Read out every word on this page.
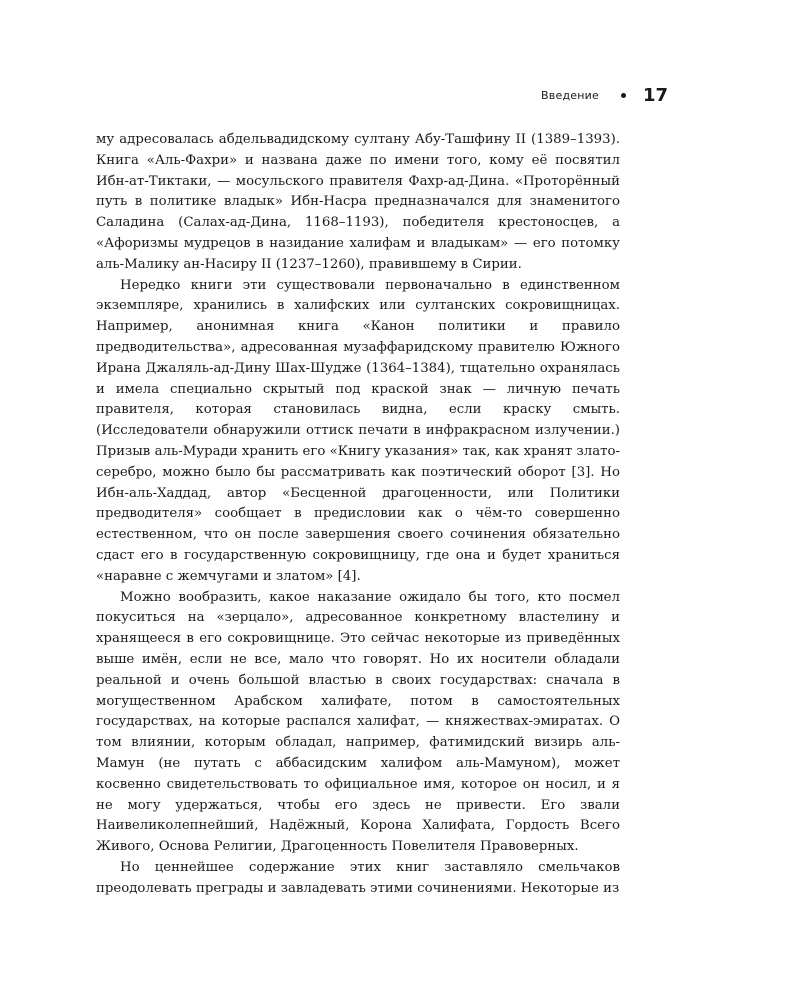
Введение 17

му адресовалась абдельвадидскому султану Абу-Ташфину II (1389–1393). Книга «Аль-Фахри» и названа даже по имени того, кому её посвятил Ибн-ат-Тиктаки, — мосульского правителя Фахр-ад-Дина. «Проторённый путь в политике владык» Ибн-Насра предназначался для знаменитого Саладина (Салах-ад-Дина, 1168–1193), победителя крестоносцев, а «Афоризмы мудрецов в назидание халифам и владыкам» — его потомку аль-Малику ан-Насиру II (1237–1260), правившему в Сирии.

Нередко книги эти существовали первоначально в единственном экземпляре, хранились в халифских или султанских сокровищницах. Например, анонимная книга «Канон политики и правило предводительства», адресованная музаффаридскому правителю Южного Ирана Джаляль-ад-Дину Шах-Шудже (1364–1384), тщательно охранялась и имела специально скрытый под краской знак — личную печать правителя, которая становилась видна, если краску смыть. (Исследователи обнаружили оттиск печати в инфракрасном излучении.) Призыв аль-Муради хранить его «Книгу указания» так, как хранят злато-серебро, можно было бы рассматривать как поэтический оборот [3]. Но Ибн-аль-Хаддад, автор «Бесценной драгоценности, или Политики предводителя» сообщает в предисловии как о чём-то совершенно естественном, что он после завершения своего сочинения обязательно сдаст его в государственную сокровищницу, где она и будет храниться «наравне с жемчугами и златом» [4].

Можно вообразить, какое наказание ожидало бы того, кто посмел покуситься на «зерцало», адресованное конкретному властелину и хранящееся в его сокровищнице. Это сейчас некоторые из приведённых выше имён, если не все, мало что говорят. Но их носители обладали реальной и очень большой властью в своих государствах: сначала в могущественном Арабском халифате, потом в самостоятельных государствах, на которые распался халифат, — княжествах-эмиратах. О том влиянии, которым обладал, например, фатимидский визирь аль-Мамун (не путать с аббасидским халифом аль-Мамуном), может косвенно свидетельствовать то официальное имя, которое он носил, и я не могу удержаться, чтобы его здесь не привести. Его звали Наивеликолепнейший, Надёжный, Корона Халифата, Гордость Всего Живого, Основа Религии, Драгоценность Повелителя Правоверных.

Но ценнейшее содержание этих книг заставляло смельчаков преодолевать преграды и завладевать этими сочинениями. Некоторые из
